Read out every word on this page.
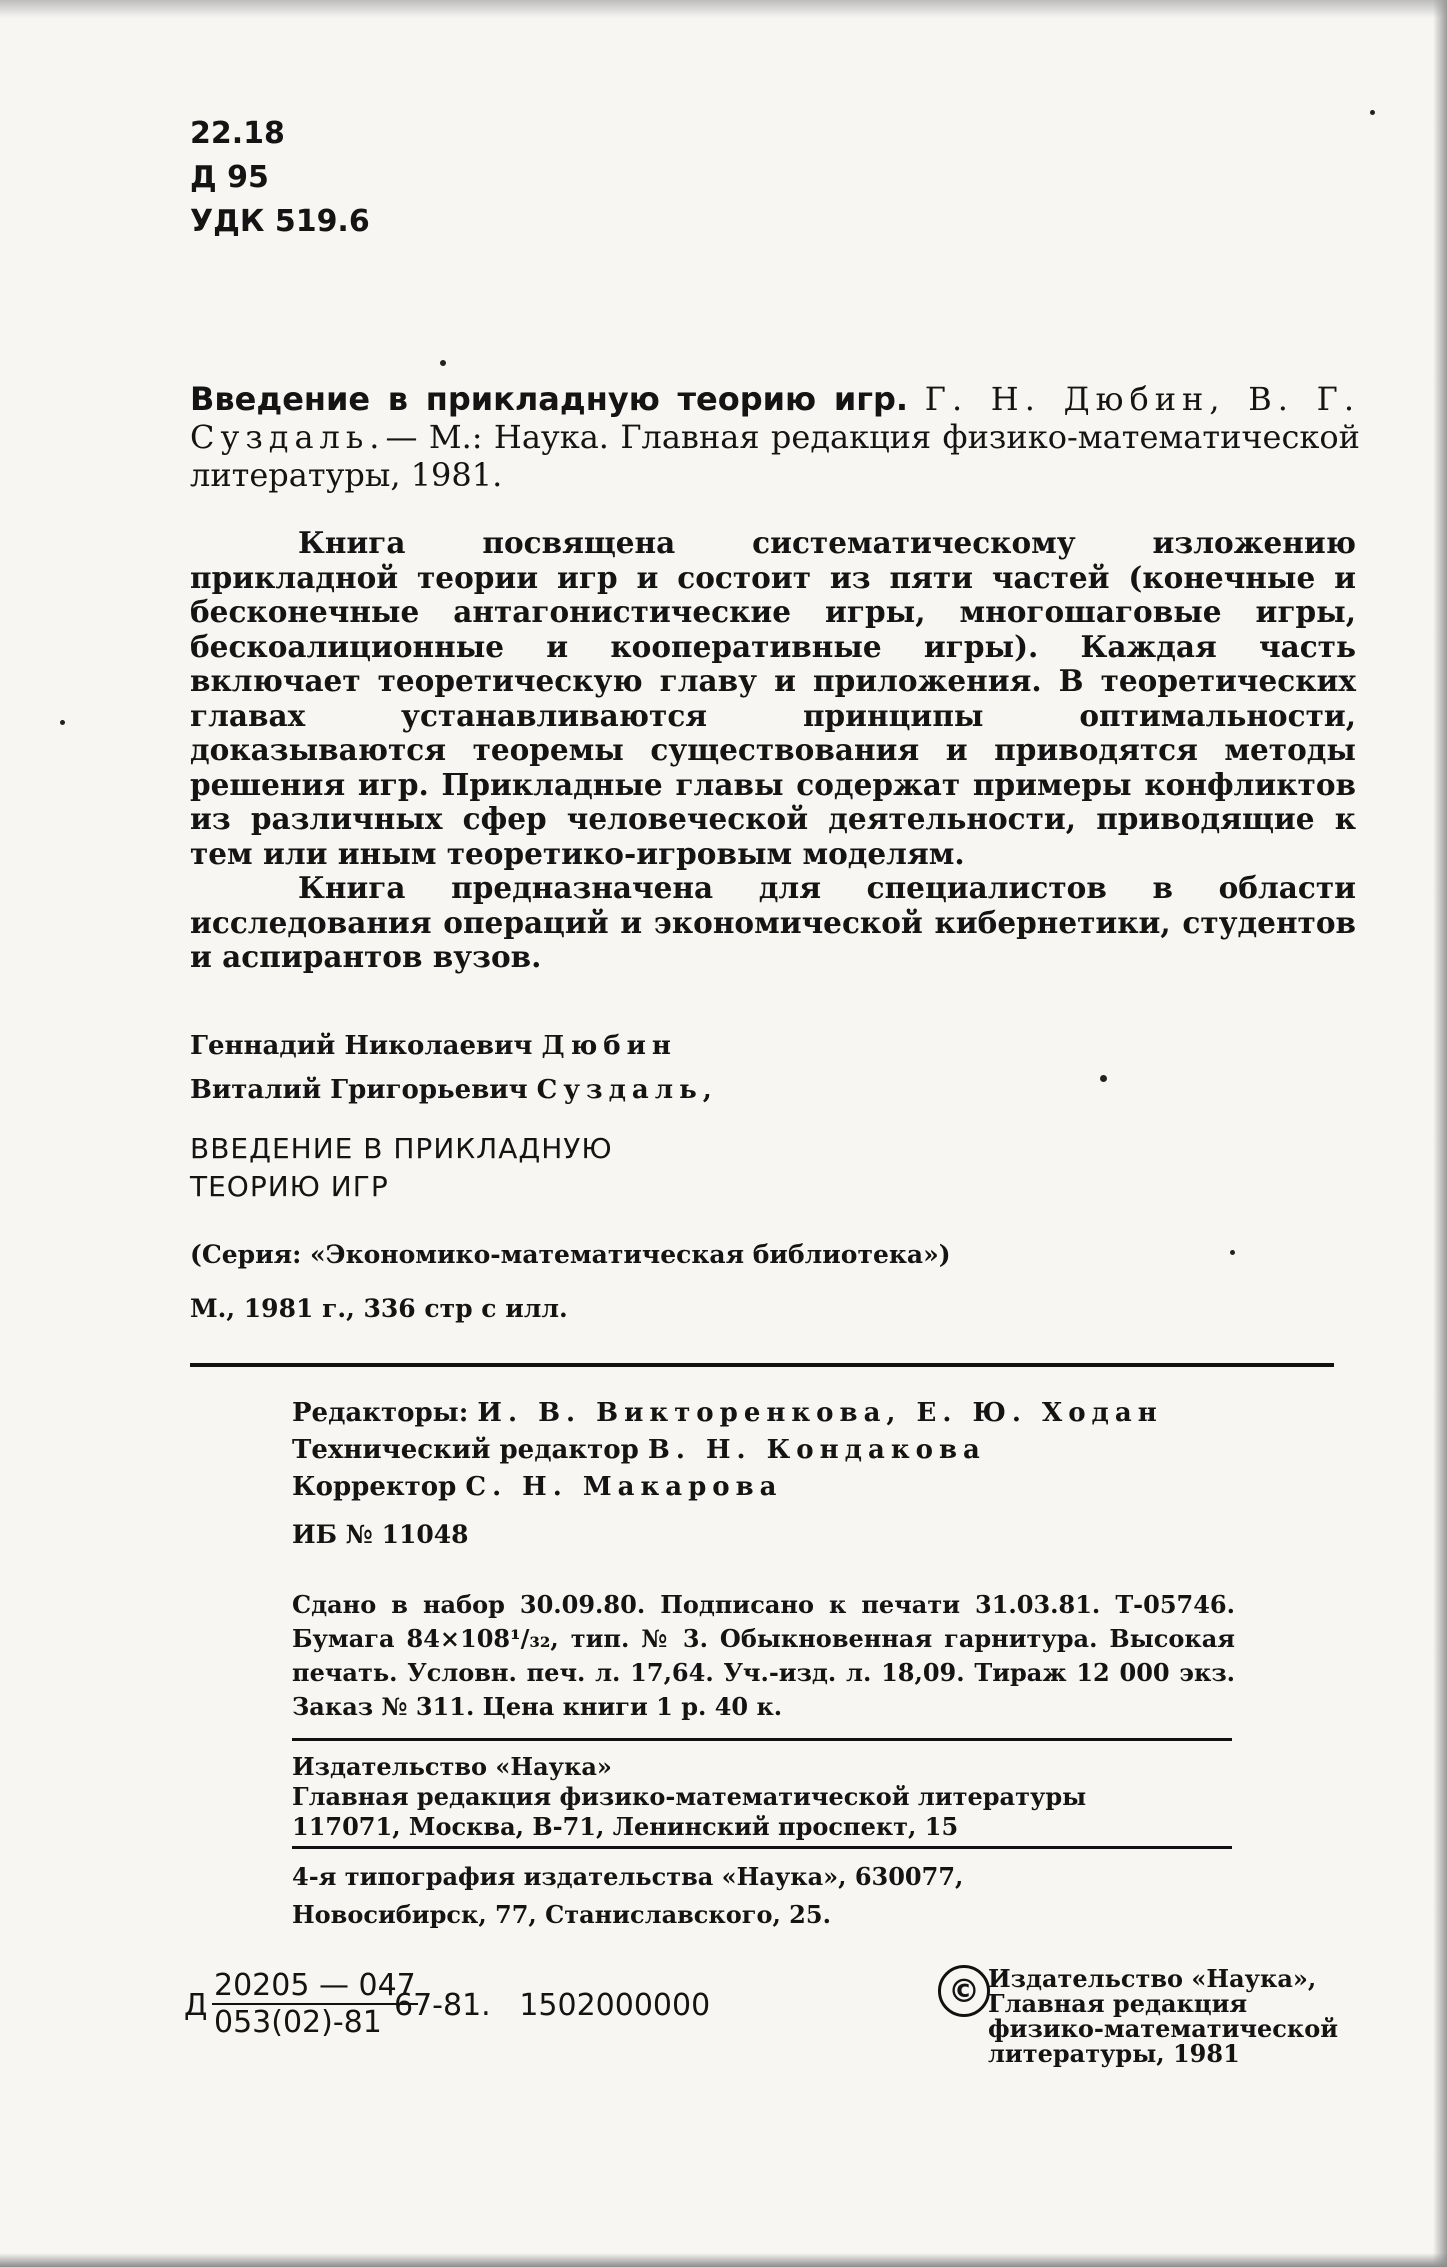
22.18
Д 95
УДК 519.6
Введение в прикладную теорию игр. Г. Н. Дюбин, В. Г. Суздаль.— М.: Наука. Главная редакция физико-математической литературы, 1981.

Книга посвящена систематическому изложению прикладной теории игр и состоит из пяти частей (конечные и бесконечные антагонистические игры, многошаговые игры, бескоалиционные и кооперативные игры). Каждая часть включает теоретическую главу и приложения. В теоретических главах устанавливаются принципы оптимальности, доказываются теоремы существования и приводятся методы решения игр. Прикладные главы содержат примеры конфликтов из различных сфер человеческой деятельности, приводящие к тем или иным теоретико-игровым моделям.

Книга предназначена для специалистов в области исследования операций и экономической кибернетики, студентов и аспирантов вузов.

Геннадий Николаевич Дюбин
Виталий Григорьевич Суздаль,
ВВЕДЕНИЕ В ПРИКЛАДНУЮ
ТЕОРИЮ ИГР
(Серия: «Экономико-математическая библиотека»)
М., 1981 г., 336 стр с илл.
Редакторы: И. В. Викторенкова, Е. Ю. Ходан
Технический редактор В. Н. Кондакова
Корректор С. Н. Макарова
ИБ № 11048
Сдано в набор 30.09.80. Подписано к печати 31.03.81. Т-05746. Бумага 84×108¹/₃₂, тип. № 3. Обыкновенная гарнитура. Высокая печать. Условн. печ. л. 17,64. Уч.-изд. л. 18,09. Тираж 12 000 экз. Заказ № 311. Цена книги 1 р. 40 к.
Издательство «Наука»
Главная редакция физико-математической литературы
117071, Москва, В-71, Ленинский проспект, 15
4-я типография издательства «Наука», 630077,
Новосибирск, 77, Станиславского, 25.
Д $\frac{20205 — 047}{053(02)-81}$
67-81. 1502000000	© Издательство «Наука»,
Главная редакция
физико-математической
литературы, 1981
